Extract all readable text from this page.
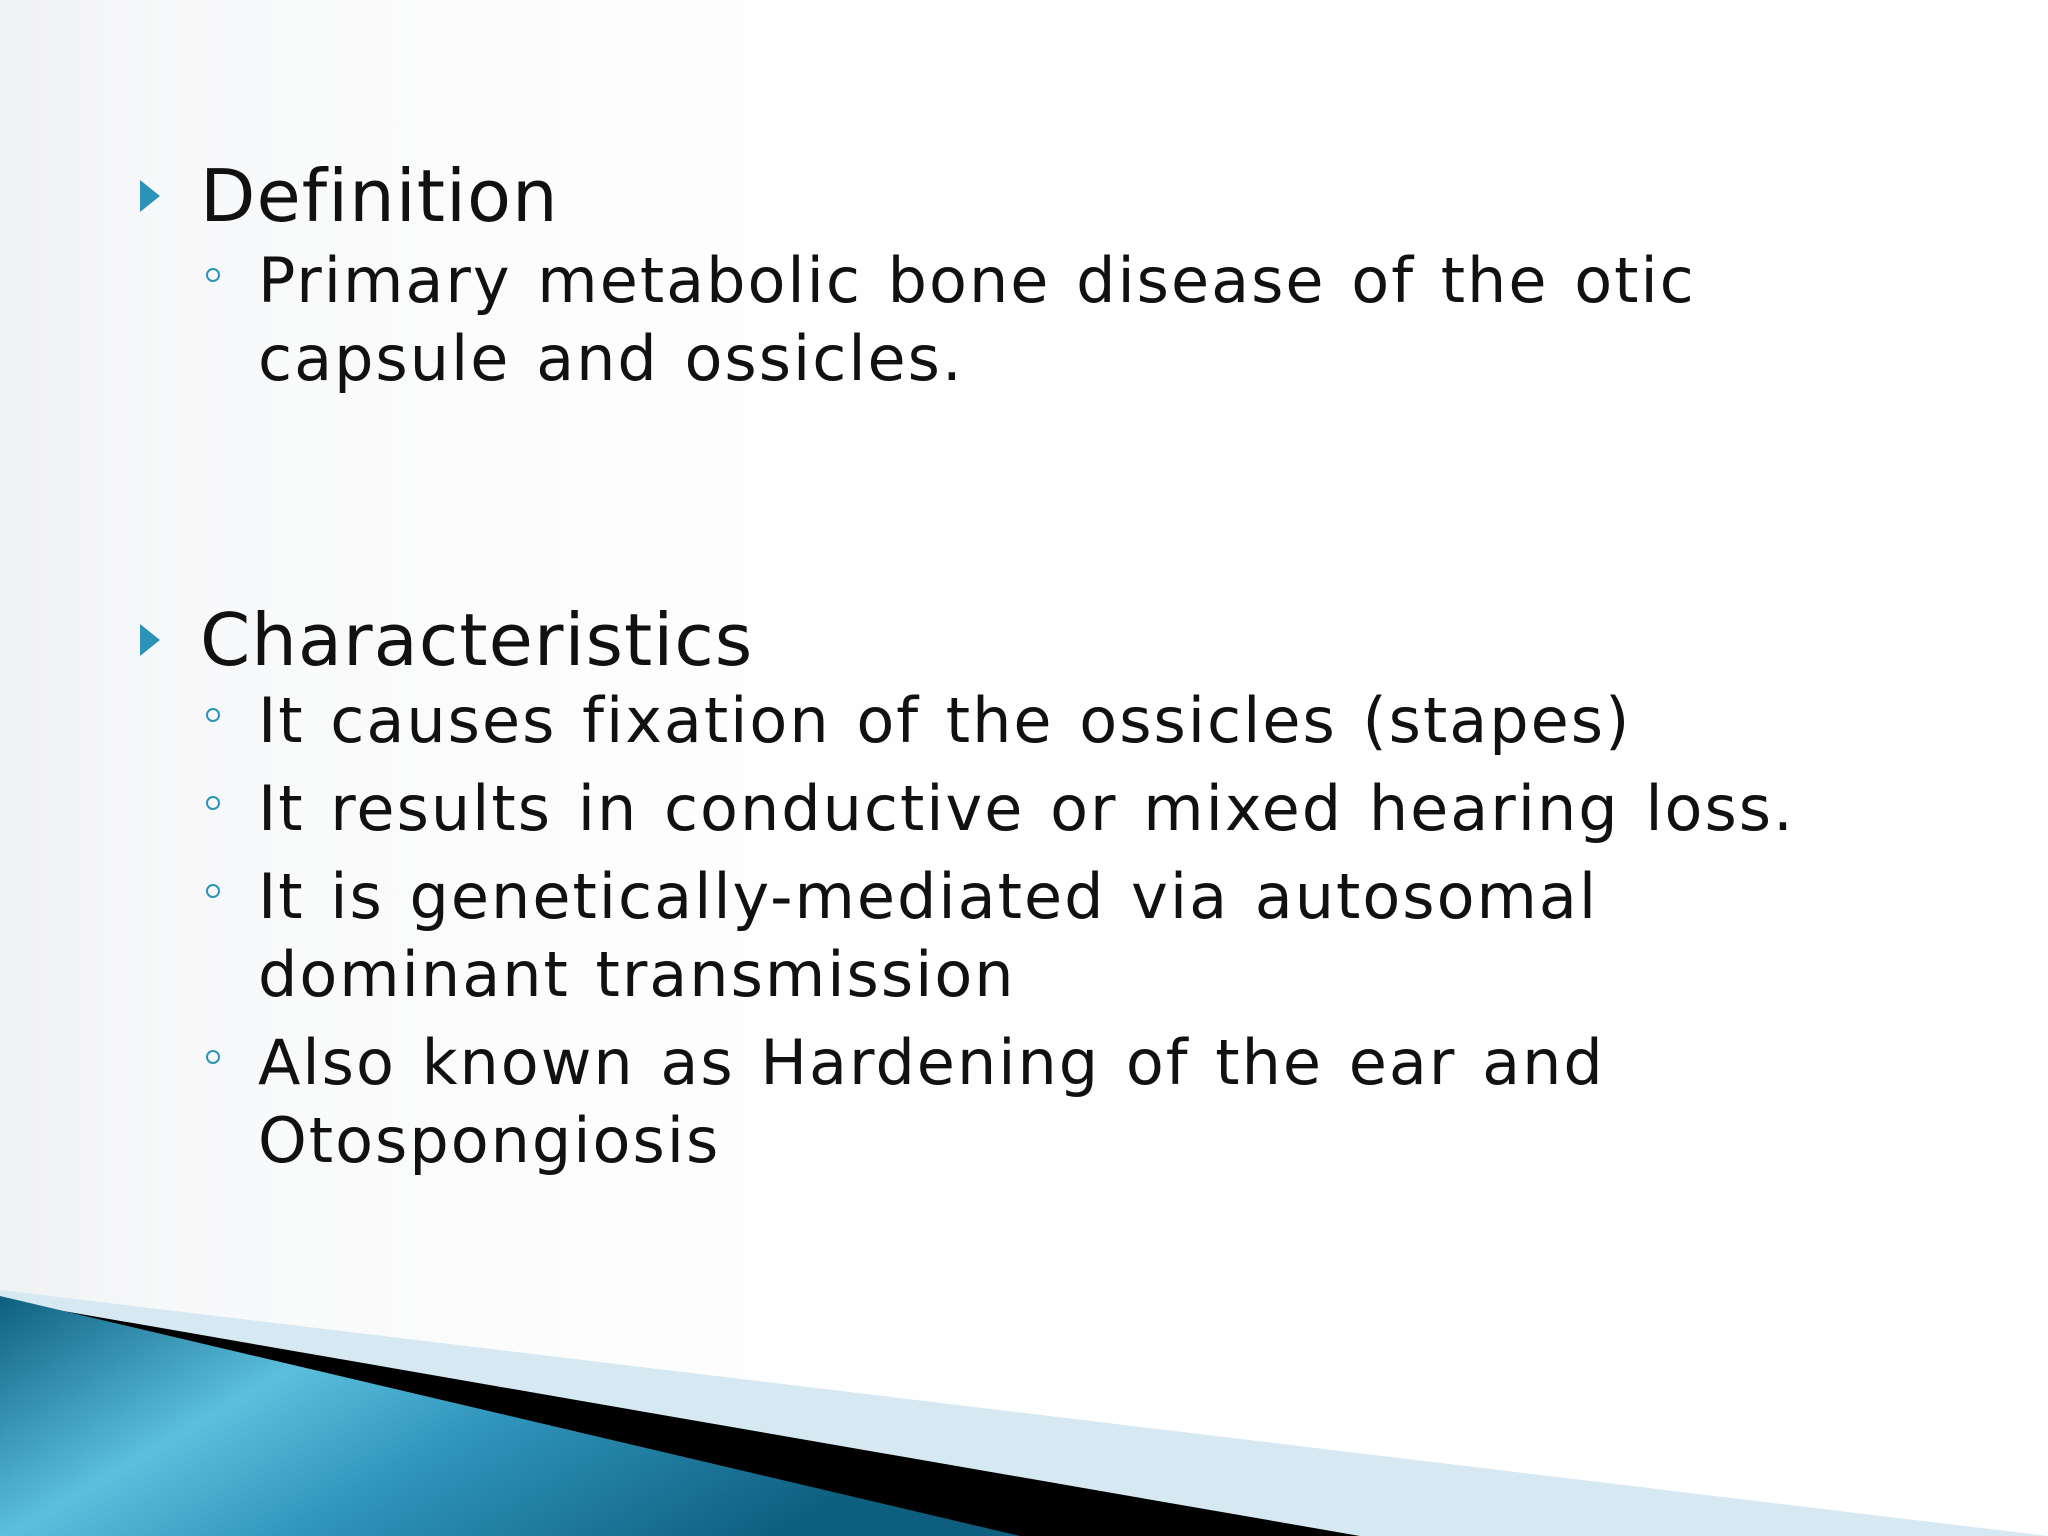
Definition
Primary metabolic bone disease of the otic capsule and ossicles.
Characteristics
It causes fixation of the ossicles (stapes)
It results in conductive or mixed hearing loss.
It is genetically-mediated via autosomal dominant transmission
Also known as Hardening of the ear and Otospongiosis
